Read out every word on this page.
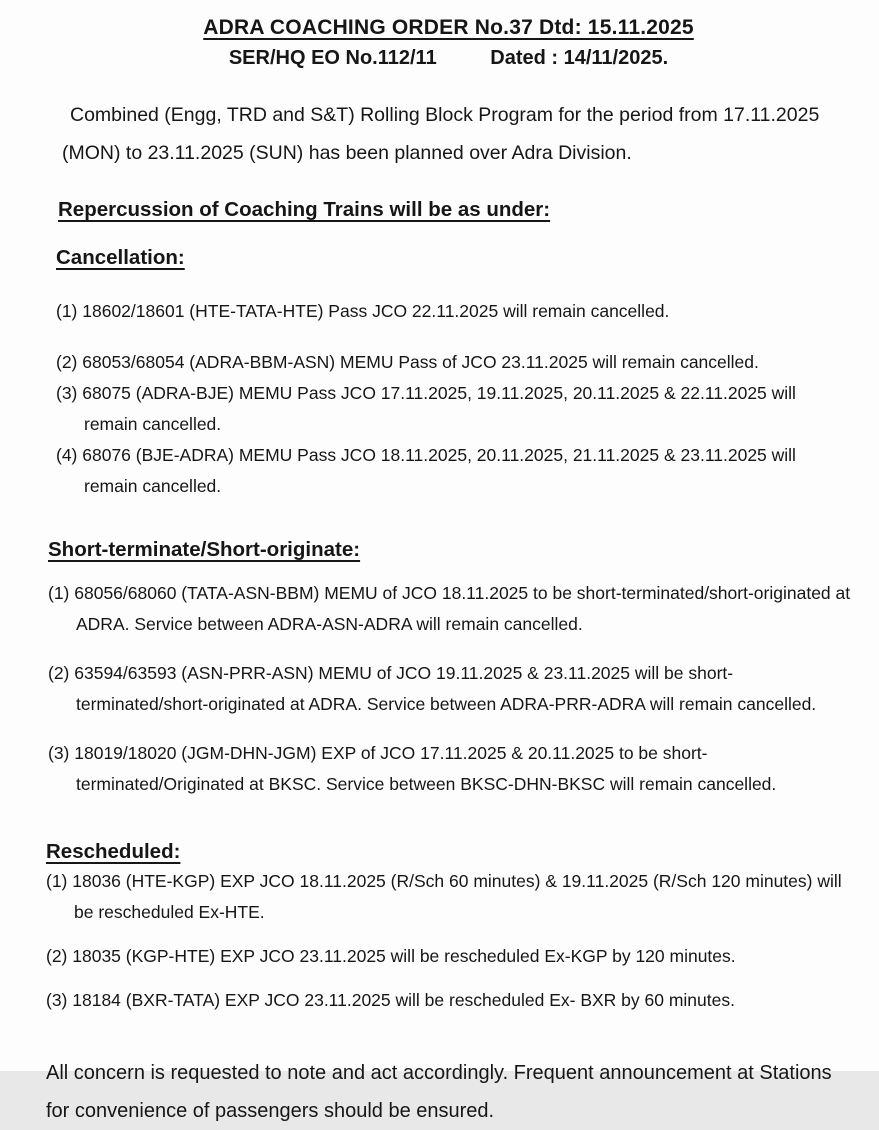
ADRA COACHING ORDER No.37 Dtd: 15.11.2025

SER/HQ EO No.112/11	Dated : 14/11/2025.

Combined (Engg, TRD and S&T) Rolling Block Program for the period from 17.11.2025 (MON) to 23.11.2025 (SUN) has been planned over Adra Division.

Repercussion of Coaching Trains will be as under:
Cancellation:

(1) 18602/18601 (HTE-TATA-HTE) Pass JCO 22.11.2025 will remain cancelled.

(2) 68053/68054 (ADRA-BBM-ASN) MEMU Pass of JCO 23.11.2025 will remain cancelled.

(3) 68075 (ADRA-BJE) MEMU Pass JCO 17.11.2025, 19.11.2025, 20.11.2025 & 22.11.2025 will remain cancelled.

(4) 68076 (BJE-ADRA) MEMU Pass JCO 18.11.2025, 20.11.2025, 21.11.2025 & 23.11.2025 will remain cancelled.

Short-terminate/Short-originate:

(1) 68056/68060 (TATA-ASN-BBM) MEMU of JCO 18.11.2025 to be short-terminated/short-originated at ADRA. Service between ADRA-ASN-ADRA will remain cancelled.

(2) 63594/63593 (ASN-PRR-ASN) MEMU of JCO 19.11.2025 & 23.11.2025 will be short-terminated/short-originated at ADRA. Service between ADRA-PRR-ADRA will remain cancelled.

(3) 18019/18020 (JGM-DHN-JGM) EXP of JCO 17.11.2025 & 20.11.2025 to be short-terminated/Originated at BKSC. Service between BKSC-DHN-BKSC will remain cancelled.

Rescheduled:

(1) 18036 (HTE-KGP) EXP JCO 18.11.2025 (R/Sch 60 minutes) & 19.11.2025 (R/Sch 120 minutes) will be rescheduled Ex-HTE.

(2) 18035 (KGP-HTE) EXP JCO 23.11.2025 will be rescheduled Ex-KGP by 120 minutes.

(3) 18184 (BXR-TATA) EXP JCO 23.11.2025 will be rescheduled Ex- BXR by 60 minutes.

All concern is requested to note and act accordingly. Frequent announcement at Stations for convenience of passengers should be ensured.
